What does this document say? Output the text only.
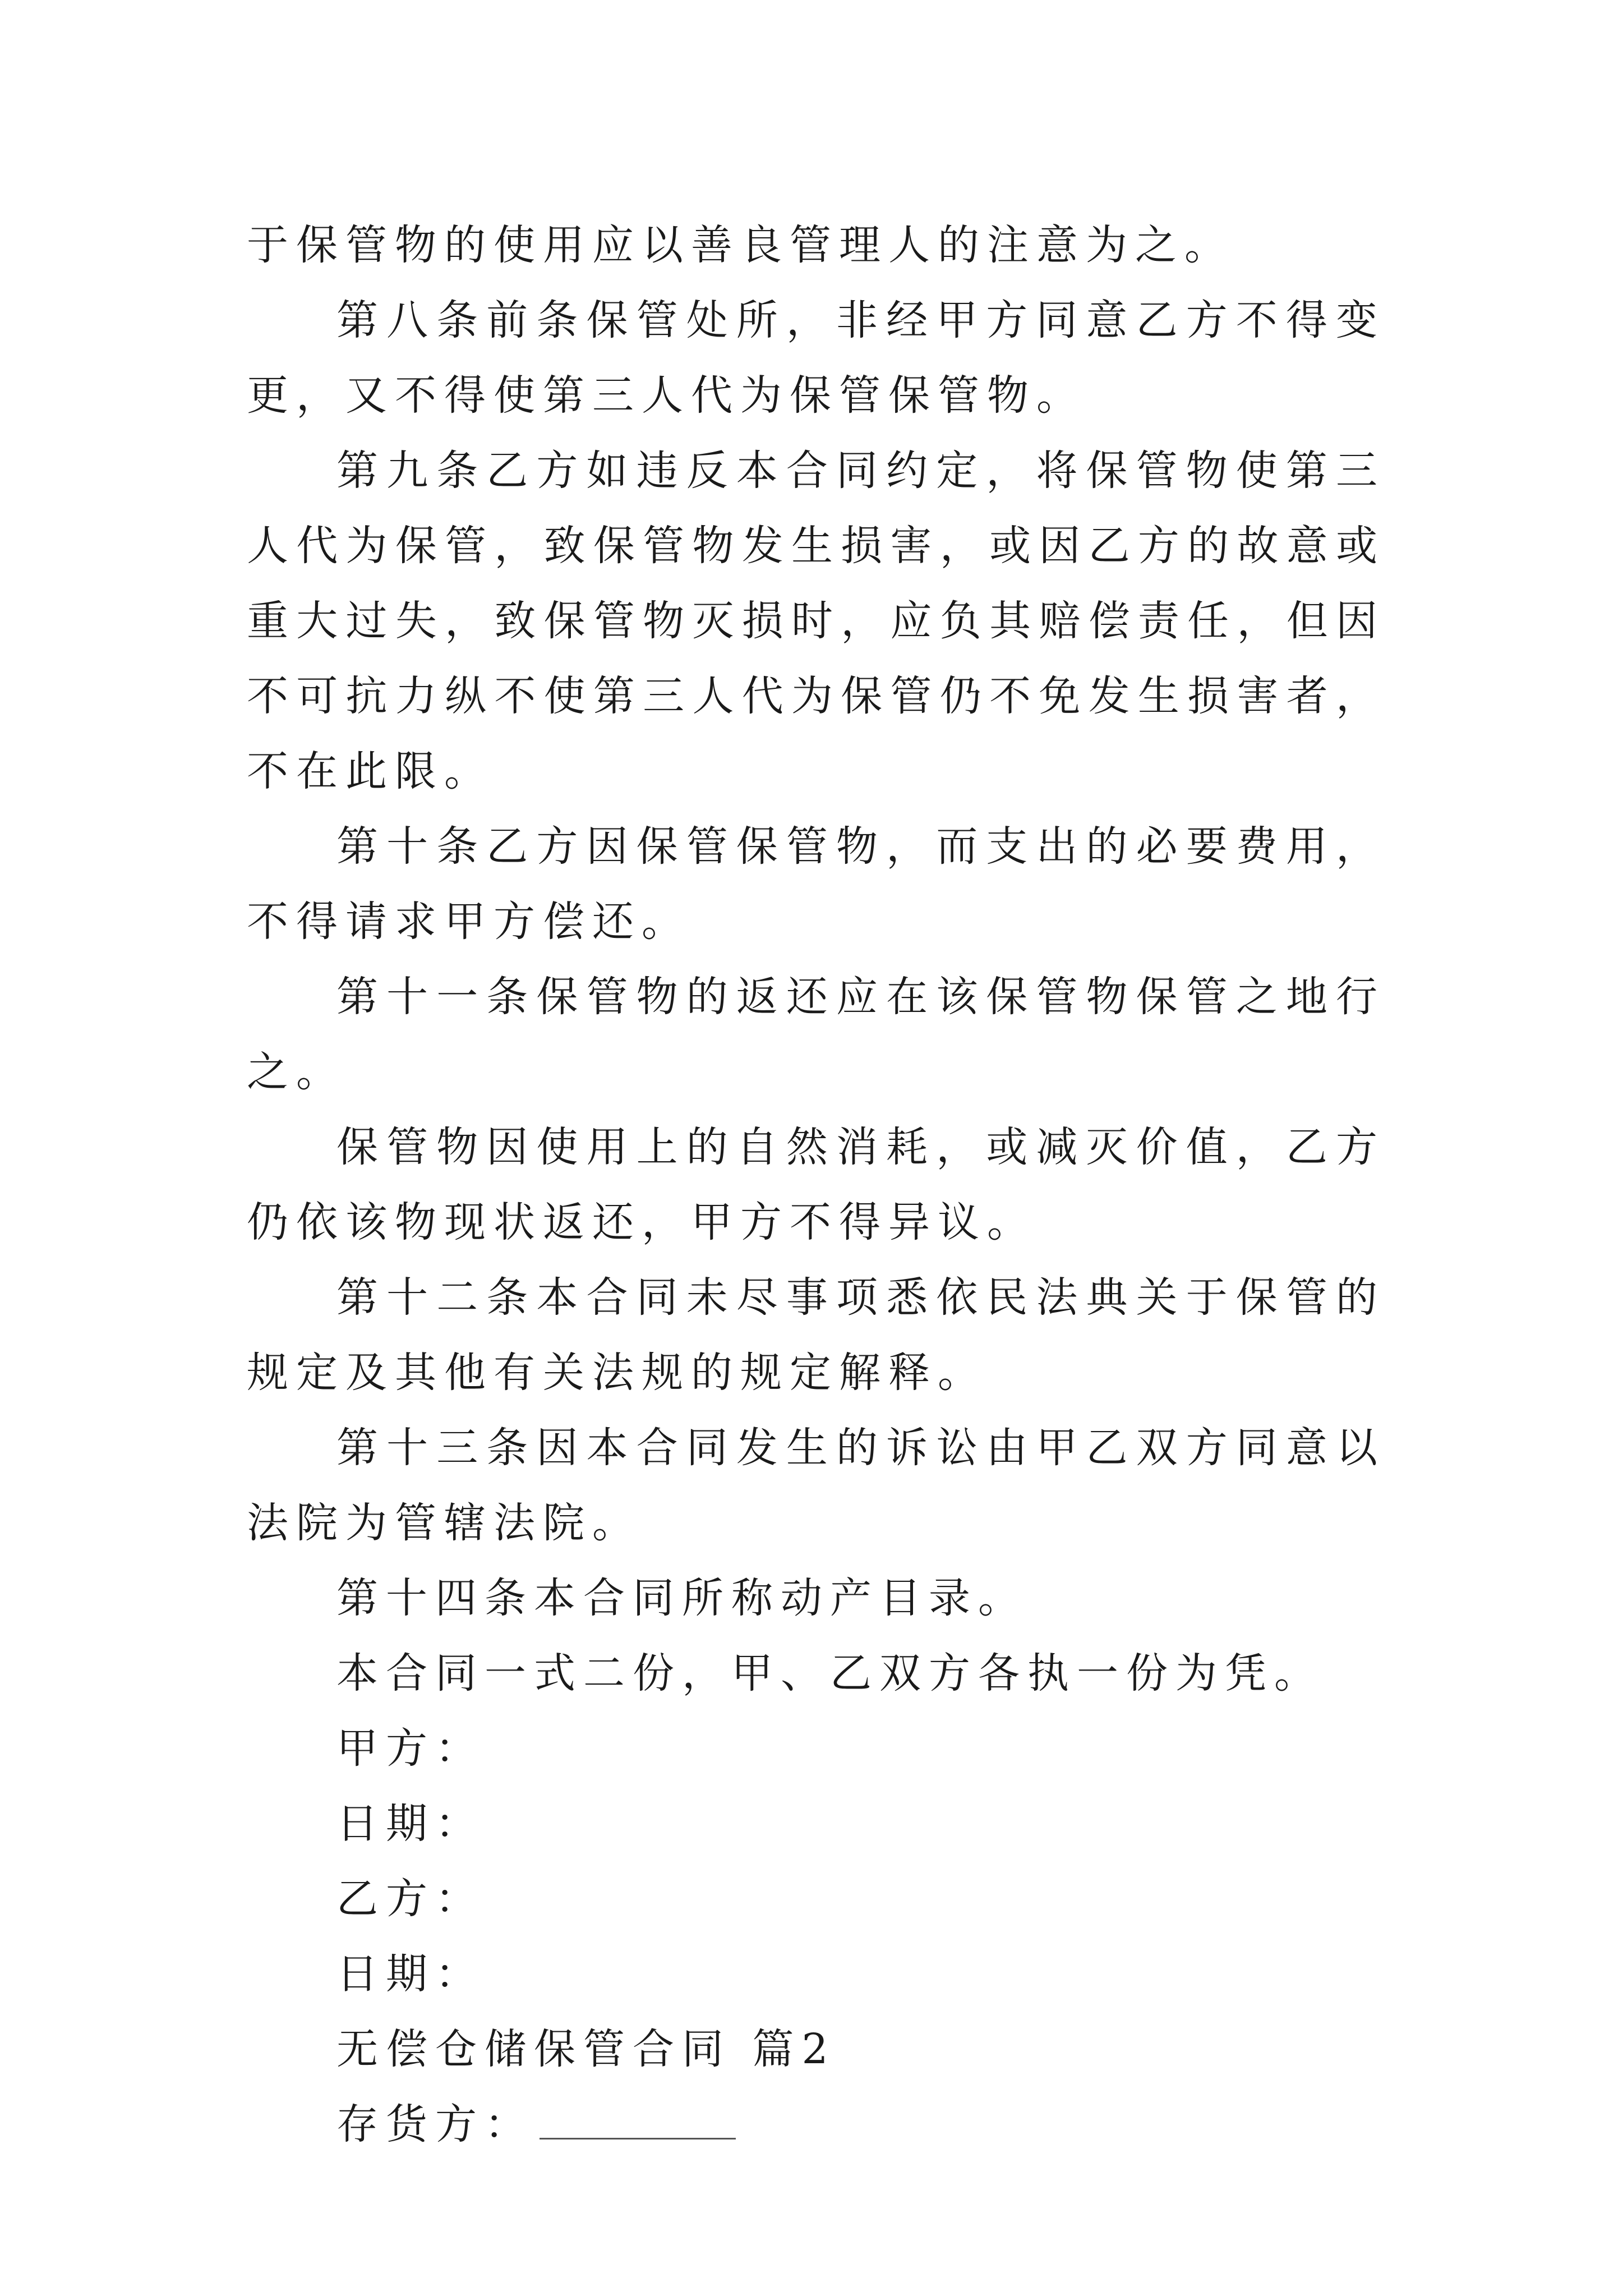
于保管物的使用应以善良管理人的注意为之。

第八条前条保管处所，非经甲方同意乙方不得变更，又不得使第三人代为保管保管物。

第九条乙方如违反本合同约定，将保管物使第三人代为保管，致保管物发生损害，或因乙方的故意或重大过失，致保管物灭损时，应负其赔偿责任，但因不可抗力纵不使第三人代为保管仍不免发生损害者，不在此限。

第十条乙方因保管保管物，而支出的必要费用，不得请求甲方偿还。

第十一条保管物的返还应在该保管物保管之地行之。

保管物因使用上的自然消耗，或减灭价值，乙方仍依该物现状返还，甲方不得异议。

第十二条本合同未尽事项悉依民法典关于保管的规定及其他有关法规的规定解释。

第十三条因本合同发生的诉讼由甲乙双方同意以法院为管辖法院。

第十四条本合同所称动产目录。

本合同一式二份，甲、乙双方各执一份为凭。

甲方：

日期：

乙方：

日期：

无偿仓储保管合同 篇2

存货方：
